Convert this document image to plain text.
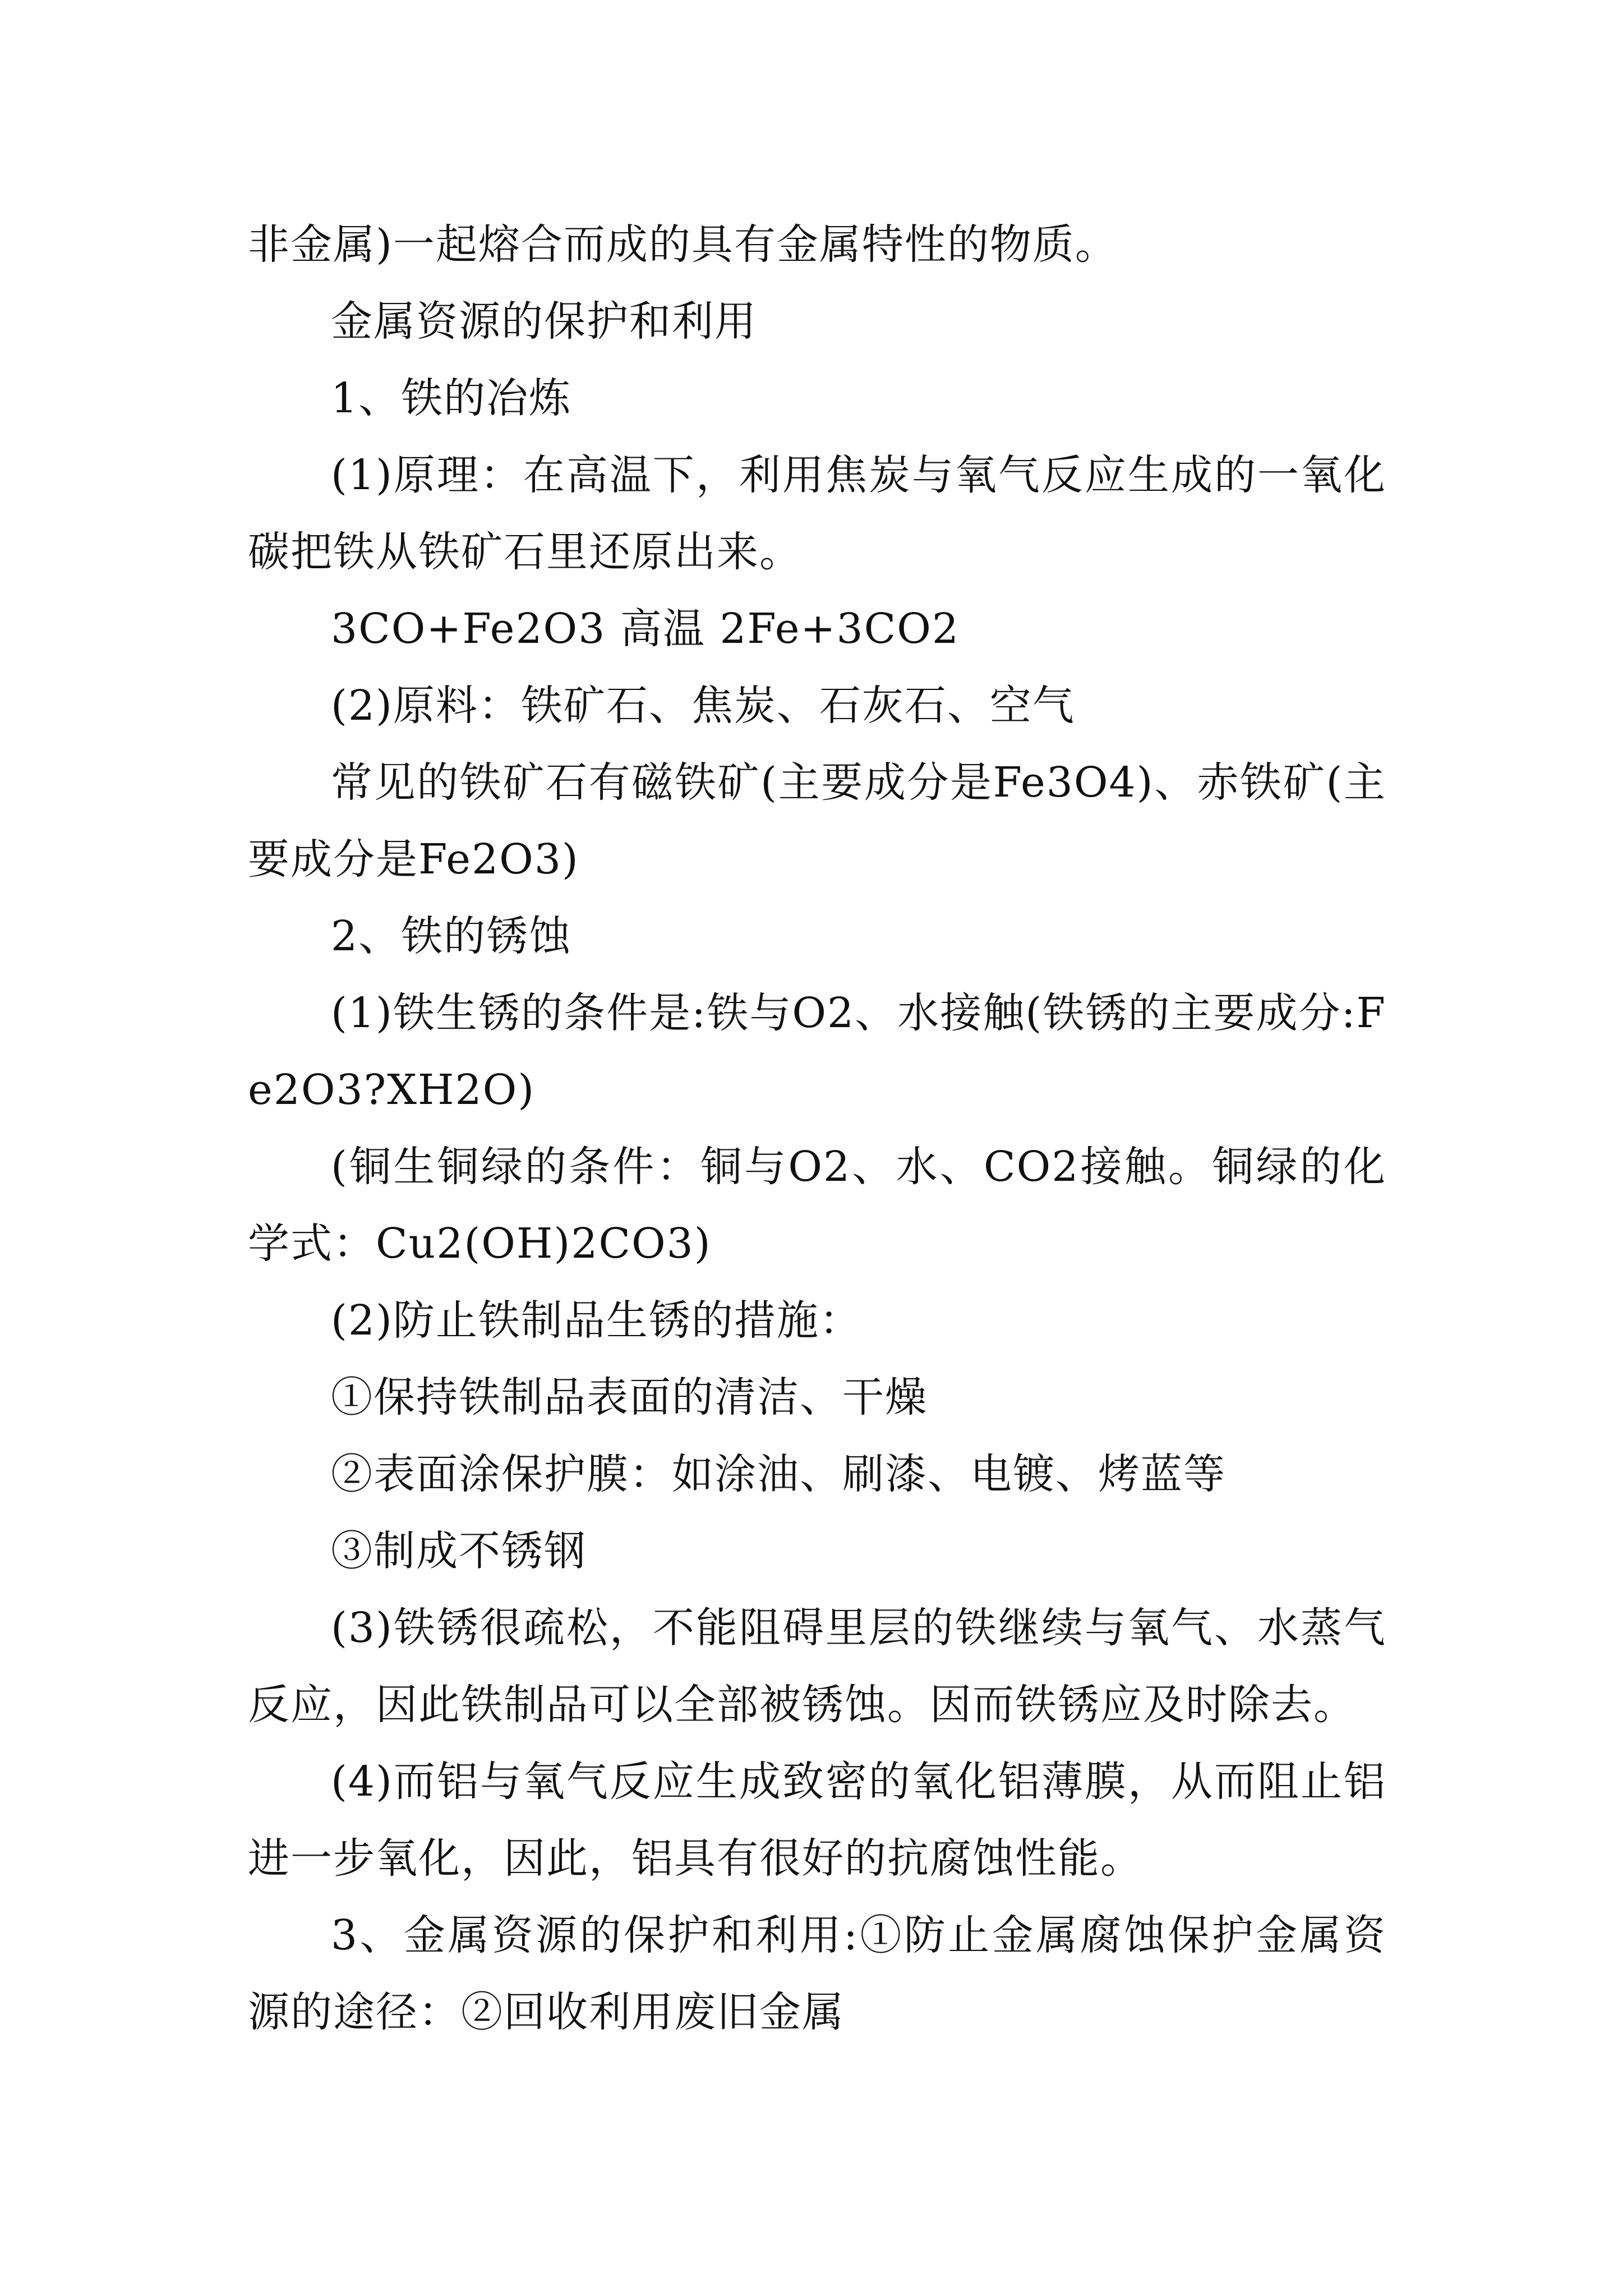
非金属)一起熔合而成的具有金属特性的物质。

金属资源的保护和利用

1、铁的冶炼

(1)原理：在高温下，利用焦炭与氧气反应生成的一氧化碳把铁从铁矿石里还原出来。

3CO+Fe2O3 高温 2Fe+3CO2

(2)原料：铁矿石、焦炭、石灰石、空气

常见的铁矿石有磁铁矿(主要成分是Fe3O4)、赤铁矿(主要成分是Fe2O3)

2、铁的锈蚀

(1)铁生锈的条件是:铁与O2、水接触(铁锈的主要成分:Fe2O3?XH2O)

(铜生铜绿的条件：铜与O2、水、CO2接触。铜绿的化学式：Cu2(OH)2CO3)

(2)防止铁制品生锈的措施：

①保持铁制品表面的清洁、干燥

②表面涂保护膜：如涂油、刷漆、电镀、烤蓝等

③制成不锈钢

(3)铁锈很疏松，不能阻碍里层的铁继续与氧气、水蒸气反应，因此铁制品可以全部被锈蚀。因而铁锈应及时除去。

(4)而铝与氧气反应生成致密的氧化铝薄膜，从而阻止铝进一步氧化，因此，铝具有很好的抗腐蚀性能。

3、金属资源的保护和利用:①防止金属腐蚀保护金属资源的途径：②回收利用废旧金属
